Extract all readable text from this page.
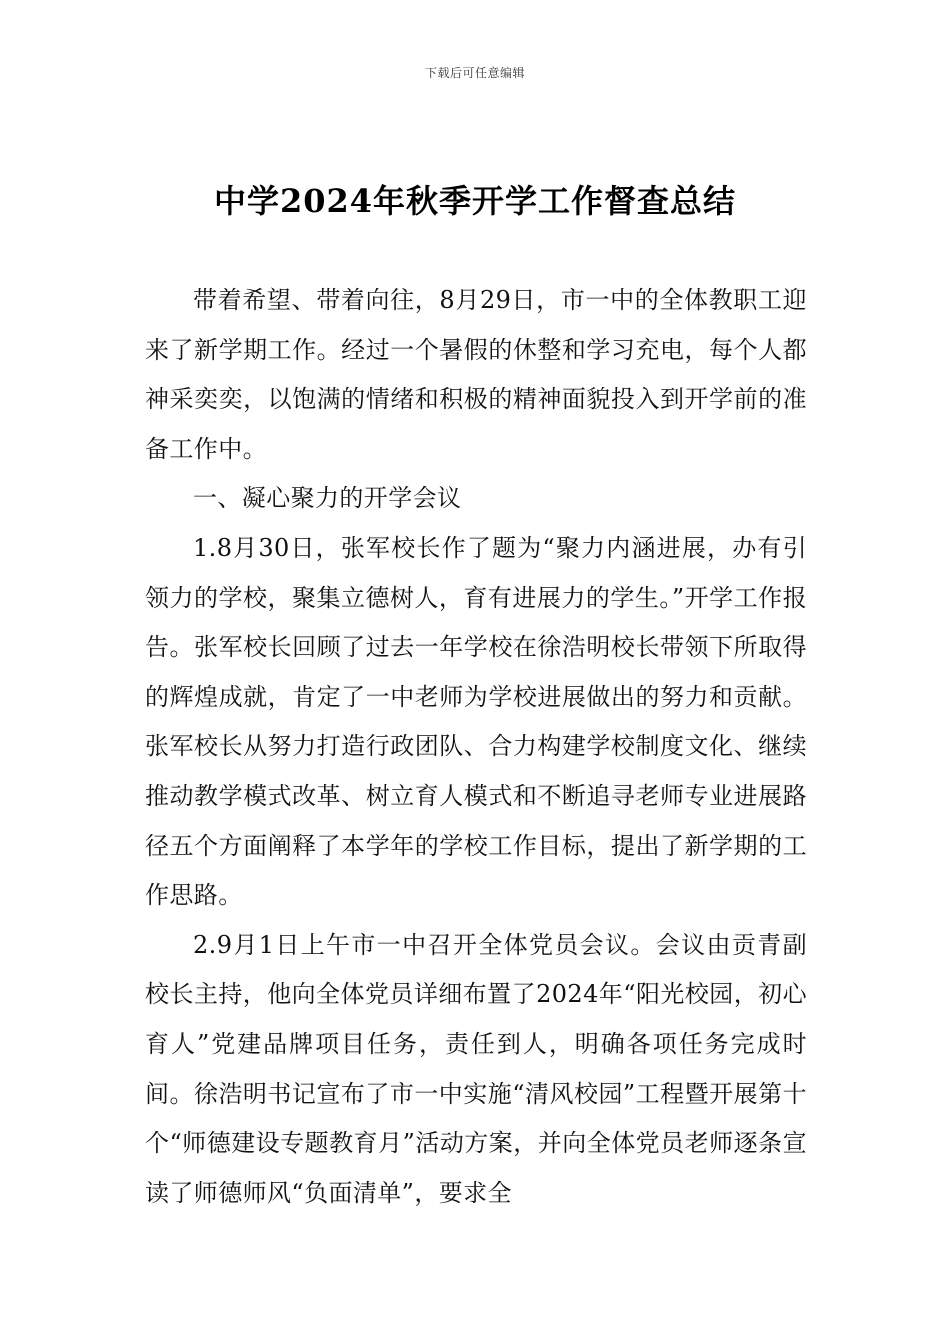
下载后可任意编辑
中学2024年秋季开学工作督查总结

带着希望、带着向往，8月29日，市一中的全体教职工迎来了新学期工作。经过一个暑假的休整和学习充电，每个人都神采奕奕，以饱满的情绪和积极的精神面貌投入到开学前的准备工作中。

一、凝心聚力的开学会议

1.8月30日，张军校长作了题为“聚力内涵进展，办有引领力的学校，聚集立德树人，育有进展力的学生。”开学工作报告。张军校长回顾了过去一年学校在徐浩明校长带领下所取得的辉煌成就，肯定了一中老师为学校进展做出的努力和贡献。张军校长从努力打造行政团队、合力构建学校制度文化、继续推动教学模式改革、树立育人模式和不断追寻老师专业进展路径五个方面阐释了本学年的学校工作目标，提出了新学期的工作思路。

2.9月1日上午市一中召开全体党员会议。会议由贡青副校长主持，他向全体党员详细布置了2024年“阳光校园，初心育人”党建品牌项目任务，责任到人，明确各项任务完成时间。徐浩明书记宣布了市一中实施“清风校园”工程暨开展第十个“师德建设专题教育月”活动方案，并向全体党员老师逐条宣读了师德师风“负面清单”，要求全
